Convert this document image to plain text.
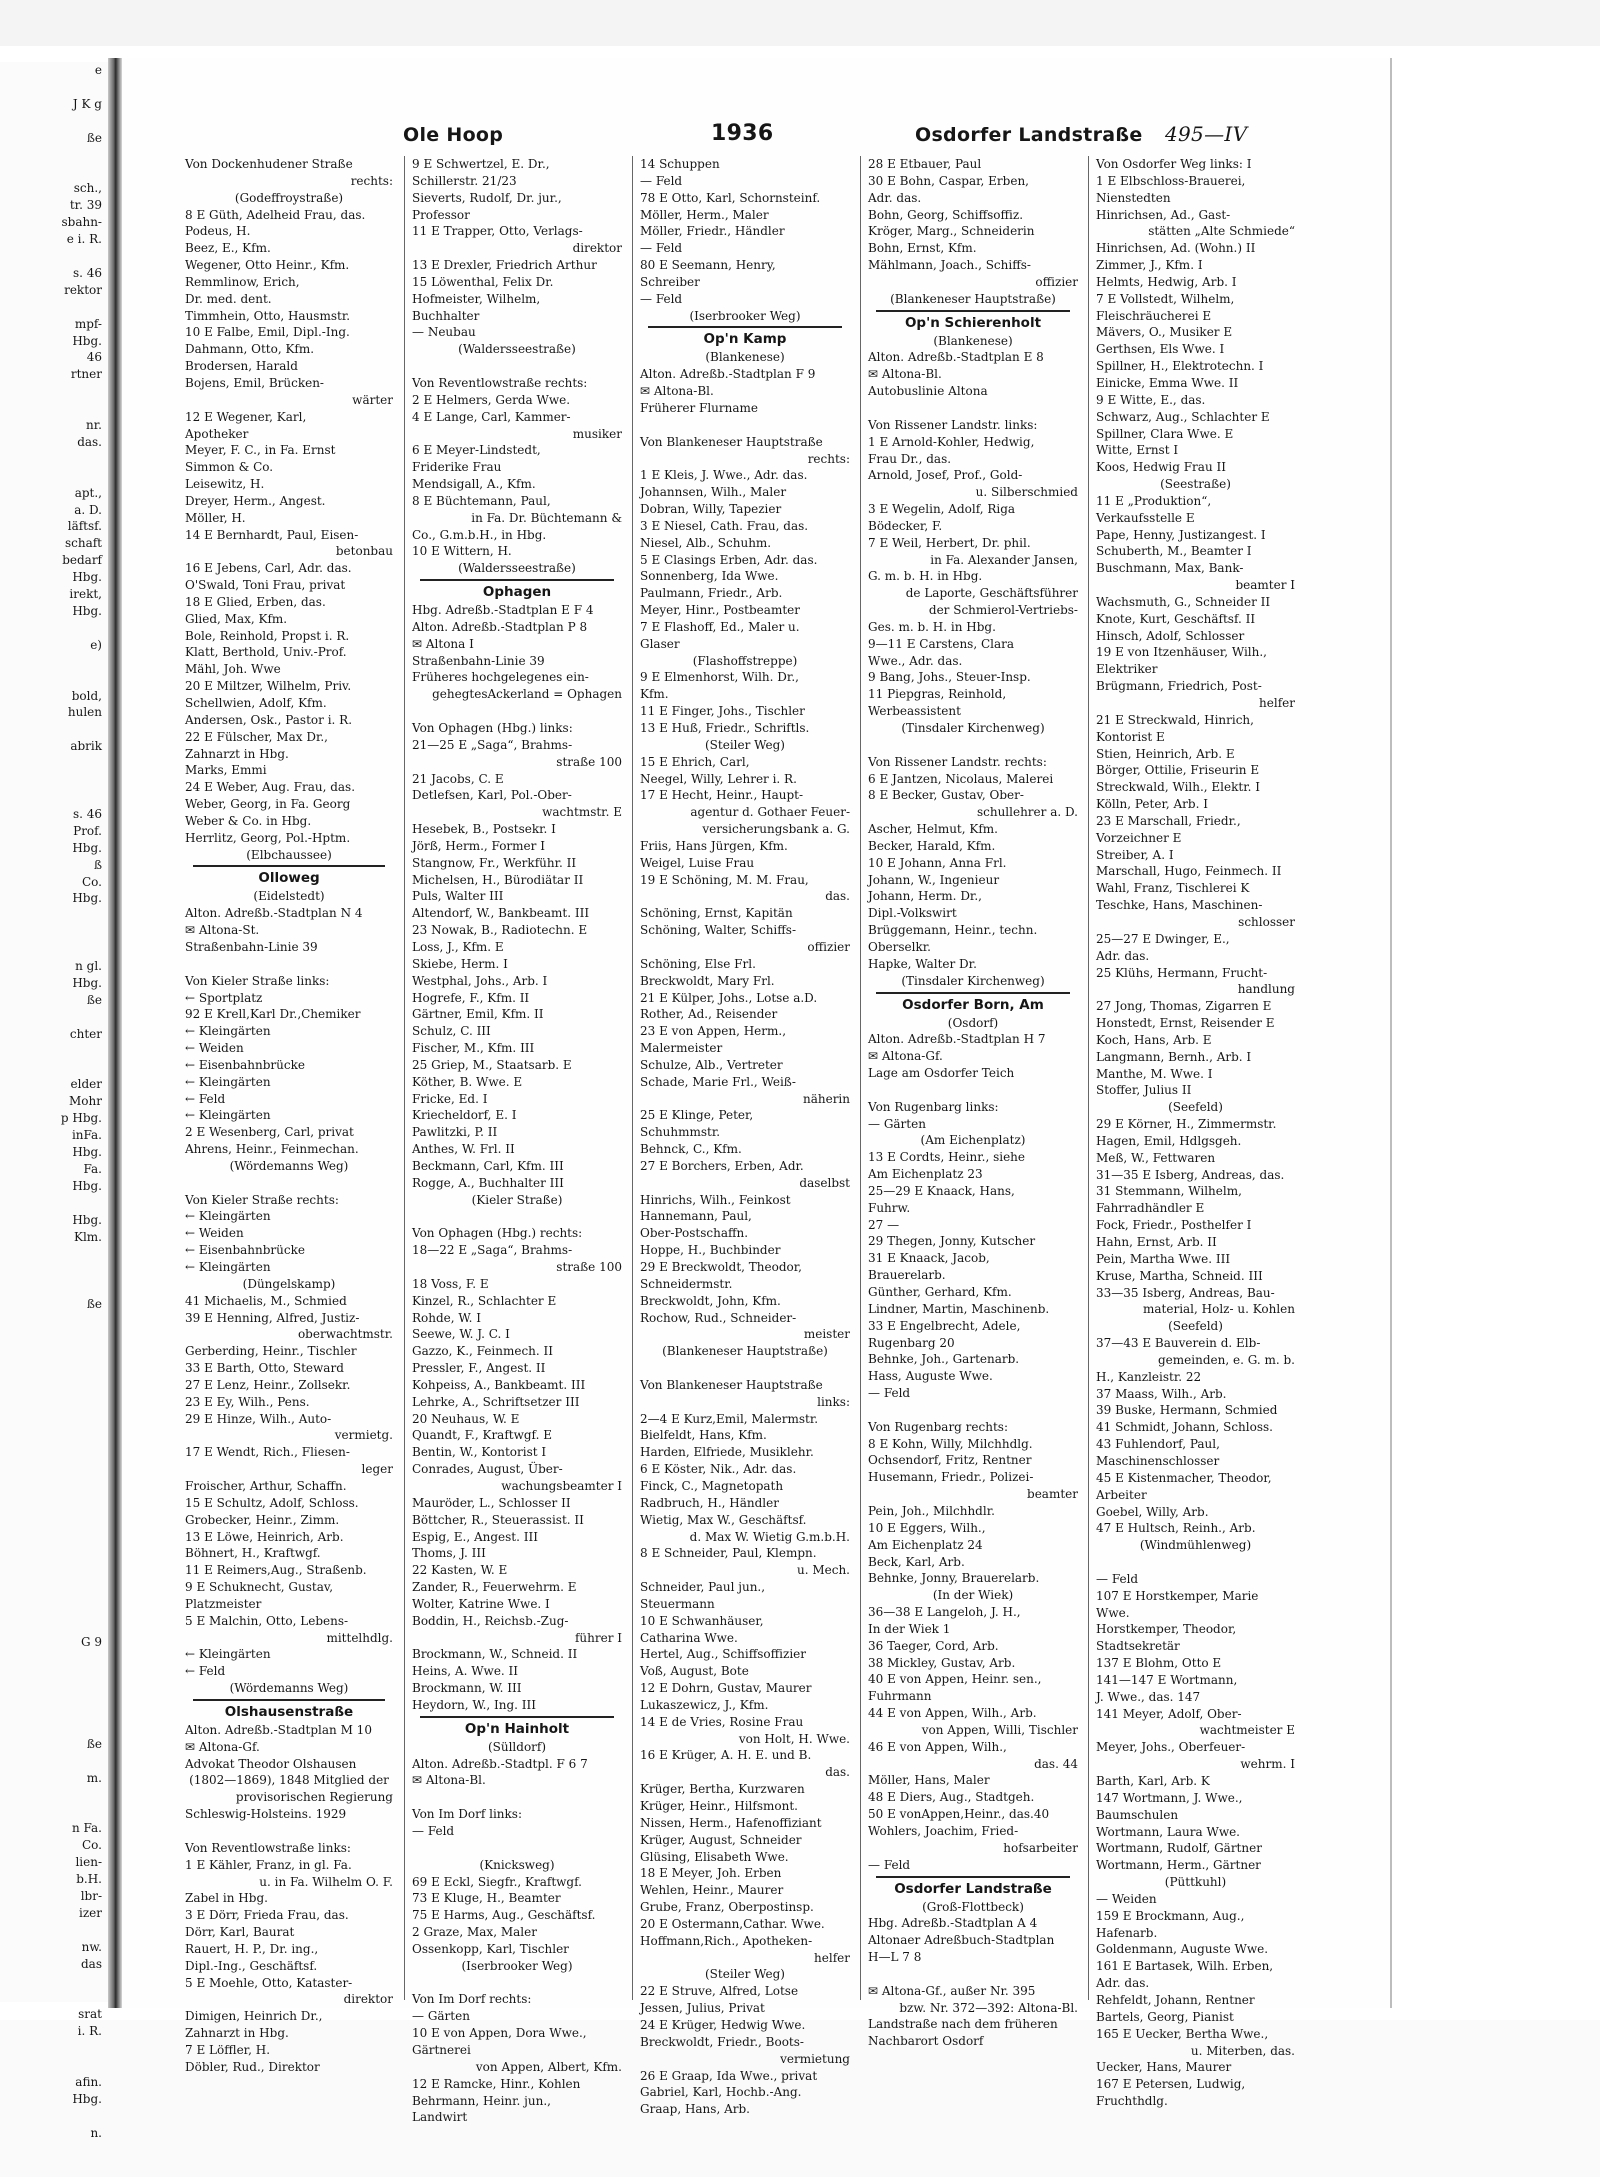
e

J K g

ße

sch.,
tr. 39
sbahn-
e i. R.

s. 46
rektor

mpf-
Hbg.
46
rtner

nr.
das.

apt.,
a. D.
läftsf.
schaft
bedarf
Hbg.
irekt,
Hbg.

e)

bold,
hulen

abrik

s. 46
Prof.
Hbg.
ß
Co.
Hbg.

n gl.
Hbg.
ße

chter

elder
Mohr
p Hbg.
inFa.
Hbg.
Fa.
Hbg.

Hbg.
Klm.

ße

G 9

ße

m.

n Fa.
Co.
lien-
b.H.
lbr-
izer

nw.
das

srat
i. R.

afin.
Hbg.

n.
Ole Hoop	1936	Osdorfer Landstraße 495—IV
Von Dockenhudener Straße
rechts:
(Godeffroystraße)
8 E Güth, Adelheid Frau, das.
Podeus, H.
Beez, E., Kfm.
Wegener, Otto Heinr., Kfm.
Remmlinow, Erich,
Dr. med. dent.
Timmhein, Otto, Hausmstr.
10 E Falbe, Emil, Dipl.-Ing.
Dahmann, Otto, Kfm.
Brodersen, Harald
Bojens, Emil, Brücken-
wärter
12 E Wegener, Karl,
Apotheker
Meyer, F. C., in Fa. Ernst
Simmon & Co.
Leisewitz, H.
Dreyer, Herm., Angest.
Möller, H.
14 E Bernhardt, Paul, Eisen-
betonbau
16 E Jebens, Carl, Adr. das.
O'Swald, Toni Frau, privat
18 E Glied, Erben, das.
Glied, Max, Kfm.
Bole, Reinhold, Propst i. R.
Klatt, Berthold, Univ.-Prof.
Mähl, Joh. Wwe
20 E Miltzer, Wilhelm, Priv.
Schellwien, Adolf, Kfm.
Andersen, Osk., Pastor i. R.
22 E Fülscher, Max Dr.,
Zahnarzt in Hbg.
Marks, Emmi
24 E Weber, Aug. Frau, das.
Weber, Georg, in Fa. Georg
Weber & Co. in Hbg.
Herrlitz, Georg, Pol.-Hptm.
(Elbchaussee)
Olloweg
(Eidelstedt)
Alton. Adreßb.-Stadtplan N 4
✉ Altona-St.
Straßenbahn-Linie 39

Von Kieler Straße links:
← Sportplatz
92 E Krell,Karl Dr.,Chemiker
← Kleingärten
← Weiden
← Eisenbahnbrücke
← Kleingärten
← Feld
← Kleingärten
2 E Wesenberg, Carl, privat
Ahrens, Heinr., Feinmechan.
(Wördemanns Weg)

Von Kieler Straße rechts:
← Kleingärten
← Weiden
← Eisenbahnbrücke
← Kleingärten
(Düngelskamp)
41 Michaelis, M., Schmied
39 E Henning, Alfred, Justiz-
oberwachtmstr.
Gerberding, Heinr., Tischler
33 E Barth, Otto, Steward
27 E Lenz, Heinr., Zollsekr.
23 E Ey, Wilh., Pens.
29 E Hinze, Wilh., Auto-
vermietg.
17 E Wendt, Rich., Fliesen-
leger
Froischer, Arthur, Schaffn.
15 E Schultz, Adolf, Schloss.
Grobecker, Heinr., Zimm.
13 E Löwe, Heinrich, Arb.
Böhnert, H., Kraftwgf.
11 E Reimers,Aug., Straßenb.
9 E Schuknecht, Gustav,
Platzmeister
5 E Malchin, Otto, Lebens-
mittelhdlg.
← Kleingärten
← Feld
(Wördemanns Weg)
Olshausenstraße
Alton. Adreßb.-Stadtplan M 10
✉ Altona-Gf.
Advokat Theodor Olshausen
(1802—1869), 1848 Mitglied der
provisorischen Regierung
Schleswig-Holsteins. 1929

Von Reventlowstraße links:
1 E Kähler, Franz, in gl. Fa.
u. in Fa. Wilhelm O. F.
Zabel in Hbg.
3 E Dörr, Frieda Frau, das.
Dörr, Karl, Baurat
Rauert, H. P., Dr. ing.,
Dipl.-Ing., Geschäftsf.
5 E Moehle, Otto, Kataster-
direktor
Dimigen, Heinrich Dr.,
Zahnarzt in Hbg.
7 E Löffler, H.
Döbler, Rud., Direktor
9 E Schwertzel, E. Dr.,
Schillerstr. 21/23
Sieverts, Rudolf, Dr. jur.,
Professor
11 E Trapper, Otto, Verlags-
direktor
13 E Drexler, Friedrich Arthur
15 Löwenthal, Felix Dr.
Hofmeister, Wilhelm,
Buchhalter
— Neubau
(Waldersseestraße)

Von Reventlowstraße rechts:
2 E Helmers, Gerda Wwe.
4 E Lange, Carl, Kammer-
musiker
6 E Meyer-Lindstedt,
Friderike Frau
Mendsigall, A., Kfm.
8 E Büchtemann, Paul,
in Fa. Dr. Büchtemann &
Co., G.m.b.H., in Hbg.
10 E Wittern, H.
(Waldersseestraße)
Ophagen
Hbg. Adreßb.-Stadtplan E F 4
Alton. Adreßb.-Stadtplan P 8
✉ Altona I
Straßenbahn-Linie 39
Früheres hochgelegenes ein-
gehegtesAckerland = Ophagen

Von Ophagen (Hbg.) links:
21—25 E „Saga“, Brahms-
straße 100
21 Jacobs, C. E
Detlefsen, Karl, Pol.-Ober-
wachtmstr. E
Hesebek, B., Postsekr. I
Jörß, Herm., Former I
Stangnow, Fr., Werkführ. II
Michelsen, H., Bürodiätar II
Puls, Walter III
Altendorf, W., Bankbeamt. III
23 Nowak, B., Radiotechn. E
Loss, J., Kfm. E
Skiebe, Herm. I
Westphal, Johs., Arb. I
Hogrefe, F., Kfm. II
Gärtner, Emil, Kfm. II
Schulz, C. III
Fischer, M., Kfm. III
25 Griep, M., Staatsarb. E
Köther, B. Wwe. E
Fricke, Ed. I
Kriecheldorf, E. I
Pawlitzki, P. II
Anthes, W. Frl. II
Beckmann, Carl, Kfm. III
Rogge, A., Buchhalter III
(Kieler Straße)

Von Ophagen (Hbg.) rechts:
18—22 E „Saga“, Brahms-
straße 100
18 Voss, F. E
Kinzel, R., Schlachter E
Rohde, W. I
Seewe, W. J. C. I
Gazzo, K., Feinmech. II
Pressler, F., Angest. II
Kohpeiss, A., Bankbeamt. III
Lehrke, A., Schriftsetzer III
20 Neuhaus, W. E
Quandt, F., Kraftwgf. E
Bentin, W., Kontorist I
Conrades, August, Über-
wachungsbeamter I
Mauröder, L., Schlosser II
Böttcher, R., Steuerassist. II
Espig, E., Angest. III
Thoms, J. III
22 Kasten, W. E
Zander, R., Feuerwehrm. E
Wolter, Katrine Wwe. I
Boddin, H., Reichsb.-Zug-
führer I
Brockmann, W., Schneid. II
Heins, A. Wwe. II
Brockmann, W. III
Heydorn, W., Ing. III
Op'n Hainholt
(Sülldorf)
Alton. Adreßb.-Stadtpl. F 6 7
✉ Altona-Bl.

Von Im Dorf links:
— Feld

(Knicksweg)
69 E Eckl, Siegfr., Kraftwgf.
73 E Kluge, H., Beamter
75 E Harms, Aug., Geschäftsf.
2 Graze, Max, Maler
Ossenkopp, Karl, Tischler
(Iserbrooker Weg)

Von Im Dorf rechts:
— Gärten
10 E von Appen, Dora Wwe.,
Gärtnerei
von Appen, Albert, Kfm.
12 E Ramcke, Hinr., Kohlen
Behrmann, Heinr. jun.,
Landwirt
14 Schuppen
— Feld
78 E Otto, Karl, Schornsteinf.
Möller, Herm., Maler
Möller, Friedr., Händler
— Feld
80 E Seemann, Henry,
Schreiber
— Feld
(Iserbrooker Weg)
Op'n Kamp
(Blankenese)
Alton. Adreßb.-Stadtplan F 9
✉ Altona-Bl.
Früherer Flurname

Von Blankeneser Hauptstraße
rechts:
1 E Kleis, J. Wwe., Adr. das.
Johannsen, Wilh., Maler
Dobran, Willy, Tapezier
3 E Niesel, Cath. Frau, das.
Niesel, Alb., Schuhm.
5 E Clasings Erben, Adr. das.
Sonnenberg, Ida Wwe.
Paulmann, Friedr., Arb.
Meyer, Hinr., Postbeamter
7 E Flashoff, Ed., Maler u.
Glaser
(Flashoffstreppe)
9 E Elmenhorst, Wilh. Dr.,
Kfm.
11 E Finger, Johs., Tischler
13 E Huß, Friedr., Schriftls.
(Steiler Weg)
15 E Ehrich, Carl,
Neegel, Willy, Lehrer i. R.
17 E Hecht, Heinr., Haupt-
agentur d. Gothaer Feuer-
versicherungsbank a. G.
Friis, Hans Jürgen, Kfm.
Weigel, Luise Frau
19 E Schöning, M. M. Frau,
das.
Schöning, Ernst, Kapitän
Schöning, Walter, Schiffs-
offizier
Schöning, Else Frl.
Breckwoldt, Mary Frl.
21 E Külper, Johs., Lotse a.D.
Rother, Ad., Reisender
23 E von Appen, Herm.,
Malermeister
Schulze, Alb., Vertreter
Schade, Marie Frl., Weiß-
näherin
25 E Klinge, Peter,
Schuhmmstr.
Behnck, C., Kfm.
27 E Borchers, Erben, Adr.
daselbst
Hinrichs, Wilh., Feinkost
Hannemann, Paul,
Ober-Postschaffn.
Hoppe, H., Buchbinder
29 E Breckwoldt, Theodor,
Schneidermstr.
Breckwoldt, John, Kfm.
Rochow, Rud., Schneider-
meister
(Blankeneser Hauptstraße)

Von Blankeneser Hauptstraße
links:
2—4 E Kurz,Emil, Malermstr.
Bielfeldt, Hans, Kfm.
Harden, Elfriede, Musiklehr.
6 E Köster, Nik., Adr. das.
Finck, C., Magnetopath
Radbruch, H., Händler
Wietig, Max W., Geschäftsf.
d. Max W. Wietig G.m.b.H.
8 E Schneider, Paul, Klempn.
u. Mech.
Schneider, Paul jun.,
Steuermann
10 E Schwanhäuser,
Catharina Wwe.
Hertel, Aug., Schiffsoffizier
Voß, August, Bote
12 E Dohrn, Gustav, Maurer
Lukaszewicz, J., Kfm.
14 E de Vries, Rosine Frau
von Holt, H. Wwe.
16 E Krüger, A. H. E. und B.
das.
Krüger, Bertha, Kurzwaren
Krüger, Heinr., Hilfsmont.
Nissen, Herm., Hafenoffiziant
Krüger, August, Schneider
Glüsing, Elisabeth Wwe.
18 E Meyer, Joh. Erben
Wehlen, Heinr., Maurer
Grube, Franz, Oberpostinsp.
20 E Ostermann,Cathar. Wwe.
Hoffmann,Rich., Apotheken-
helfer
(Steiler Weg)
22 E Struve, Alfred, Lotse
Jessen, Julius, Privat
24 E Krüger, Hedwig Wwe.
Breckwoldt, Friedr., Boots-
vermietung
26 E Graap, Ida Wwe., privat
Gabriel, Karl, Hochb.-Ang.
Graap, Hans, Arb.
28 E Etbauer, Paul
30 E Bohn, Caspar, Erben,
Adr. das.
Bohn, Georg, Schiffsoffiz.
Kröger, Marg., Schneiderin
Bohn, Ernst, Kfm.
Mählmann, Joach., Schiffs-
offizier
(Blankeneser Hauptstraße)
Op'n Schierenholt
(Blankenese)
Alton. Adreßb.-Stadtplan E 8
✉ Altona-Bl.
Autobuslinie Altona

Von Rissener Landstr. links:
1 E Arnold-Kohler, Hedwig,
Frau Dr., das.
Arnold, Josef, Prof., Gold-
u. Silberschmied
3 E Wegelin, Adolf, Riga
Bödecker, F.
7 E Weil, Herbert, Dr. phil.
in Fa. Alexander Jansen,
G. m. b. H. in Hbg.
de Laporte, Geschäftsführer
der Schmierol-Vertriebs-
Ges. m. b. H. in Hbg.
9—11 E Carstens, Clara
Wwe., Adr. das.
9 Bang, Johs., Steuer-Insp.
11 Piepgras, Reinhold,
Werbeassistent
(Tinsdaler Kirchenweg)

Von Rissener Landstr. rechts:
6 E Jantzen, Nicolaus, Malerei
8 E Becker, Gustav, Ober-
schullehrer a. D.
Ascher, Helmut, Kfm.
Becker, Harald, Kfm.
10 E Johann, Anna Frl.
Johann, W., Ingenieur
Johann, Herm. Dr.,
Dipl.-Volkswirt
Brüggemann, Heinr., techn.
Oberselkr.
Hapke, Walter Dr.
(Tinsdaler Kirchenweg)
Osdorfer Born, Am
(Osdorf)
Alton. Adreßb.-Stadtplan H 7
✉ Altona-Gf.
Lage am Osdorfer Teich

Von Rugenbarg links:
— Gärten
(Am Eichenplatz)
13 E Cordts, Heinr., siehe
Am Eichenplatz 23
25—29 E Knaack, Hans,
Fuhrw.
27 —
29 Thegen, Jonny, Kutscher
31 E Knaack, Jacob,
Brauerelarb.
Günther, Gerhard, Kfm.
Lindner, Martin, Maschinenb.
33 E Engelbrecht, Adele,
Rugenbarg 20
Behnke, Joh., Gartenarb.
Hass, Auguste Wwe.
— Feld

Von Rugenbarg rechts:
8 E Kohn, Willy, Milchhdlg.
Ochsendorf, Fritz, Rentner
Husemann, Friedr., Polizei-
beamter
Pein, Joh., Milchhdlr.
10 E Eggers, Wilh.,
Am Eichenplatz 24
Beck, Karl, Arb.
Behnke, Jonny, Brauerelarb.
(In der Wiek)
36—38 E Langeloh, J. H.,
In der Wiek 1
36 Taeger, Cord, Arb.
38 Mickley, Gustav, Arb.
40 E von Appen, Heinr. sen.,
Fuhrmann
44 E von Appen, Wilh., Arb.
von Appen, Willi, Tischler
46 E von Appen, Wilh.,
das. 44
Möller, Hans, Maler
48 E Diers, Aug., Stadtgeh.
50 E vonAppen,Heinr., das.40
Wohlers, Joachim, Fried-
hofsarbeiter
— Feld
Osdorfer Landstraße
(Groß-Flottbeck)
Hbg. Adreßb.-Stadtplan A 4
Altonaer Adreßbuch-Stadtplan
H—L 7 8

✉ Altona-Gf., außer Nr. 395
bzw. Nr. 372—392: Altona-Bl.
Landstraße nach dem früheren
Nachbarort Osdorf
Von Osdorfer Weg links: I
1 E Elbschloss-Brauerei,
Nienstedten
Hinrichsen, Ad., Gast-
stätten „Alte Schmiede“
Hinrichsen, Ad. (Wohn.) II
Zimmer, J., Kfm. I
Helmts, Hedwig, Arb. I
7 E Vollstedt, Wilhelm,
Fleischräucherei E
Mävers, O., Musiker E
Gerthsen, Els Wwe. I
Spillner, H., Elektrotechn. I
Einicke, Emma Wwe. II
9 E Witte, E., das.
Schwarz, Aug., Schlachter E
Spillner, Clara Wwe. E
Witte, Ernst I
Koos, Hedwig Frau II
(Seestraße)
11 E „Produktion“,
Verkaufsstelle E
Pape, Henny, Justizangest. I
Schuberth, M., Beamter I
Buschmann, Max, Bank-
beamter I
Wachsmuth, G., Schneider II
Knote, Kurt, Geschäftsf. II
Hinsch, Adolf, Schlosser
19 E von Itzenhäuser, Wilh.,
Elektriker
Brügmann, Friedrich, Post-
helfer
21 E Streckwald, Hinrich,
Kontorist E
Stien, Heinrich, Arb. E
Börger, Ottilie, Friseurin E
Streckwald, Wilh., Elektr. I
Kölln, Peter, Arb. I
23 E Marschall, Friedr.,
Vorzeichner E
Streiber, A. I
Marschall, Hugo, Feinmech. II
Wahl, Franz, Tischlerei K
Teschke, Hans, Maschinen-
schlosser
25—27 E Dwinger, E.,
Adr. das.
25 Klühs, Hermann, Frucht-
handlung
27 Jong, Thomas, Zigarren E
Honstedt, Ernst, Reisender E
Koch, Hans, Arb. E
Langmann, Bernh., Arb. I
Manthe, M. Wwe. I
Stoffer, Julius II
(Seefeld)
29 E Körner, H., Zimmermstr.
Hagen, Emil, Hdlgsgeh.
Meß, W., Fettwaren
31—35 E Isberg, Andreas, das.
31 Stemmann, Wilhelm,
Fahrradhändler E
Fock, Friedr., Posthelfer I
Hahn, Ernst, Arb. II
Pein, Martha Wwe. III
Kruse, Martha, Schneid. III
33—35 Isberg, Andreas, Bau-
material, Holz- u. Kohlen
(Seefeld)
37—43 E Bauverein d. Elb-
gemeinden, e. G. m. b.
H., Kanzleistr. 22
37 Maass, Wilh., Arb.
39 Buske, Hermann, Schmied
41 Schmidt, Johann, Schloss.
43 Fuhlendorf, Paul,
Maschinenschlosser
45 E Kistenmacher, Theodor,
Arbeiter
Goebel, Willy, Arb.
47 E Hultsch, Reinh., Arb.
(Windmühlenweg)

— Feld
107 E Horstkemper, Marie
Wwe.
Horstkemper, Theodor,
Stadtsekretär
137 E Blohm, Otto E
141—147 E Wortmann,
J. Wwe., das. 147
141 Meyer, Adolf, Ober-
wachtmeister E
Meyer, Johs., Oberfeuer-
wehrm. I
Barth, Karl, Arb. K
147 Wortmann, J. Wwe.,
Baumschulen
Wortmann, Laura Wwe.
Wortmann, Rudolf, Gärtner
Wortmann, Herm., Gärtner
(Püttkuhl)
— Weiden
159 E Brockmann, Aug.,
Hafenarb.
Goldenmann, Auguste Wwe.
161 E Bartasek, Wilh. Erben,
Adr. das.
Rehfeldt, Johann, Rentner
Bartels, Georg, Pianist
165 E Uecker, Bertha Wwe.,
u. Miterben, das.
Uecker, Hans, Maurer
167 E Petersen, Ludwig,
Fruchthdlg.
